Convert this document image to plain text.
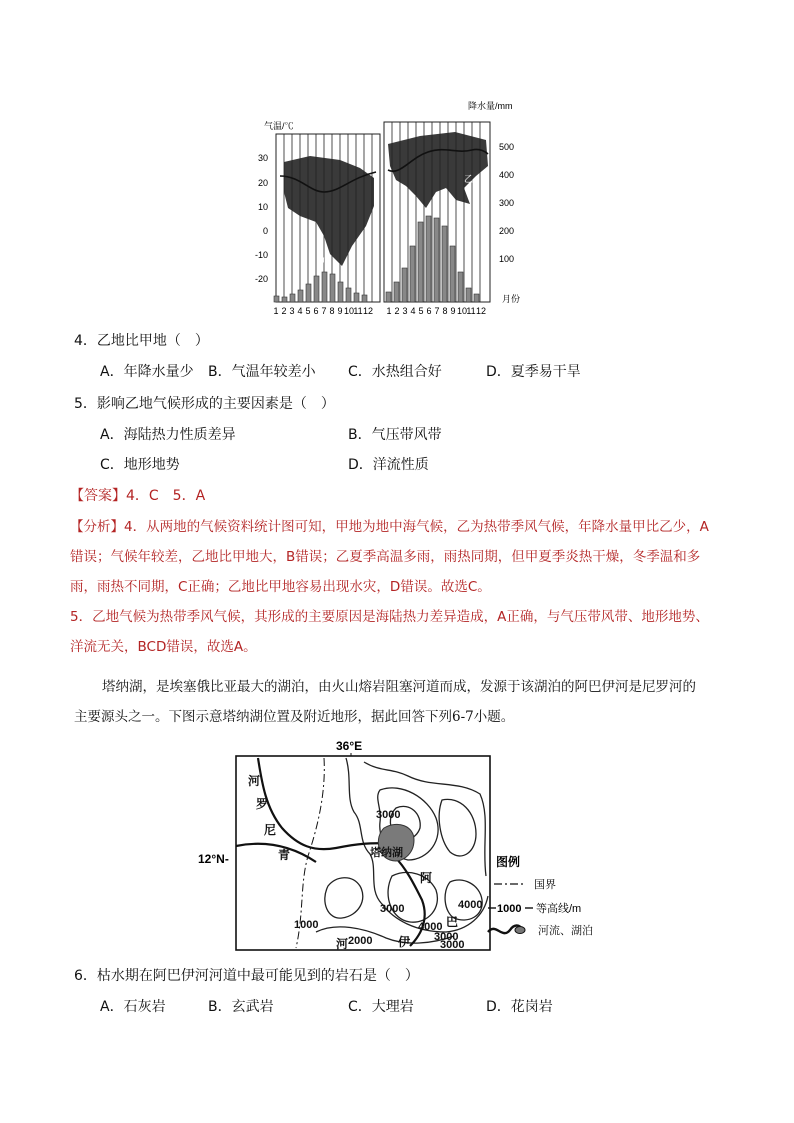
气温/℃
降水量/mm
30
20
10
0
-10
-20
500
400
300
200
100
1 2 3 4 5 6 7 8 9 10 11 12 1 2 3 4 5 6 7 8 9 10 11 12
月份
甲
乙
4．乙地比甲地（　）
A．年降水量少 B．气温年较差小 C．水热组合好	D．夏季易干旱
5．影响乙地气候形成的主要因素是（　）
A．海陆热力性质差异	B．气压带风带
C．地形地势	D．洋流性质
【答案】4．C　5．A
【分析】4．从两地的气候资料统计图可知，甲地为地中海气候，乙为热带季风气候，年降水量甲比乙少，A
错误；气候年较差，乙地比甲地大，B错误；乙夏季高温多雨，雨热同期，但甲夏季炎热干燥，冬季温和多
雨，雨热不同期，C正确；乙地比甲地容易出现水灾，D错误。故选C。
5．乙地气候为热带季风气候，其形成的主要原因是海陆热力差异造成，A正确，与气压带风带、地形地势、
洋流无关，BCD错误，故选A。
塔纳湖，是埃塞俄比亚最大的湖泊，由火山熔岩阻塞河道而成，发源于该湖泊的阿巴伊河是尼罗河的
主要源头之一。下图示意塔纳湖位置及附近地形，据此回答下列6-7小题。
36°E
12°N-	塔纳湖
河
罗
尼
青
河
巴
伊
阿
3000
3000
4000
4000
3000
1000
2000	3000
图例
国界
1000 等高线/m
河流、湖泊
6．枯水期在阿巴伊河河道中最可能见到的岩石是（　）
A．石灰岩	B．玄武岩	C．大理岩	D．花岗岩
